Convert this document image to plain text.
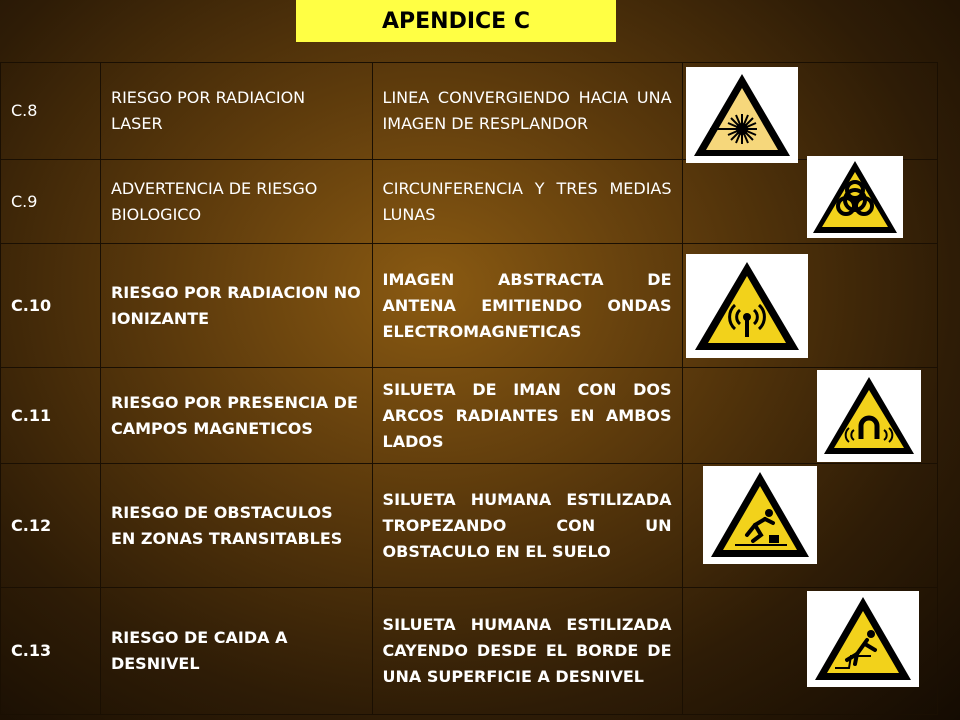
APENDICE C
C.8	RIESGO POR RADIACION LASER	LINEA CONVERGIENDO HACIA UNA IMAGEN DE RESPLANDOR	

C.9	ADVERTENCIA DE RIESGO BIOLOGICO	CIRCUNFERENCIA Y TRES MEDIAS LUNAS	

C.10	RIESGO POR RADIACION NO IONIZANTE	IMAGEN ABSTRACTA DE ANTENA EMITIENDO ONDAS ELECTROMAGNETICAS	

C.11	RIESGO POR PRESENCIA DE CAMPOS MAGNETICOS	SILUETA DE IMAN CON DOS ARCOS RADIANTES EN AMBOS LADOS	

C.12	RIESGO DE OBSTACULOS EN ZONAS TRANSITABLES	SILUETA HUMANA ESTILIZADA TROPEZANDO CON UN OBSTACULO EN EL SUELO	

C.13	RIESGO DE CAIDA A DESNIVEL	SILUETA HUMANA ESTILIZADA CAYENDO DESDE EL BORDE DE UNA SUPERFICIE A DESNIVEL	
